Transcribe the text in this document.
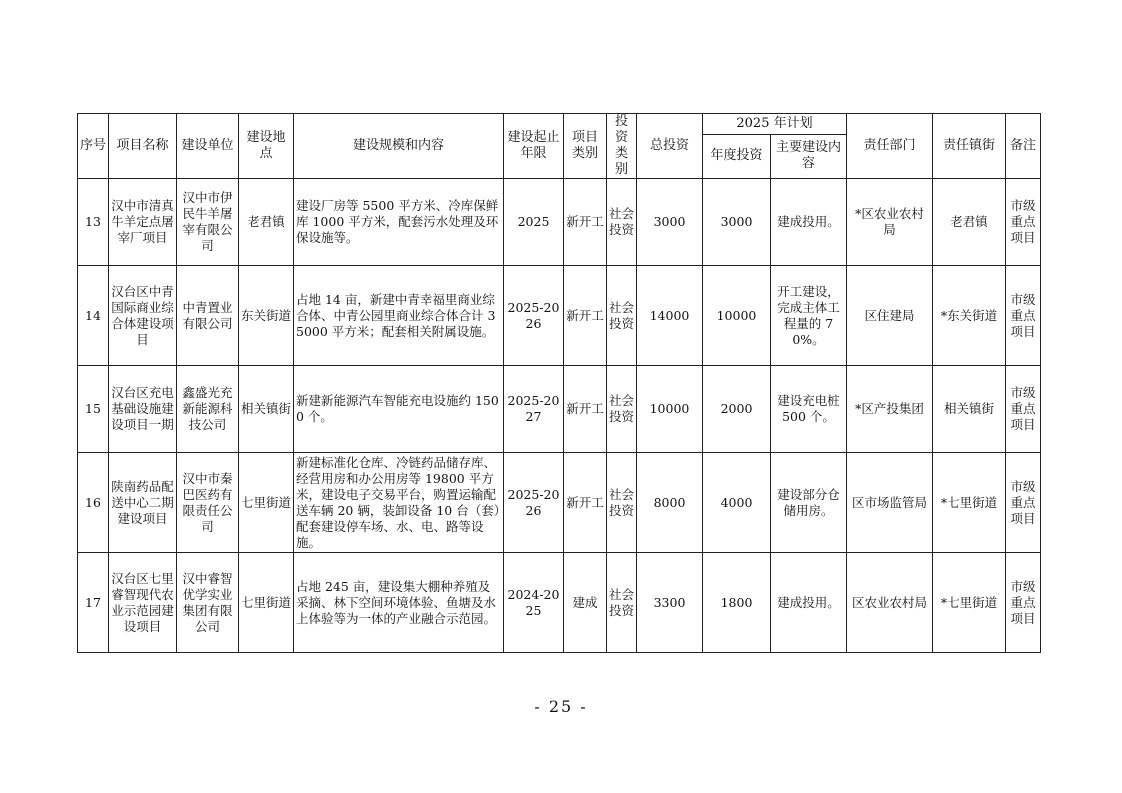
序号	项目名称	建设单位	建设地点	建设规模和内容	建设起止年限	项目类别	投资类别	总投资	2025 年计划		责任部门	责任镇街	备注
									年度投资	主要建设内容			
13	汉中市清真牛羊定点屠宰厂项目	汉中市伊民牛羊屠宰有限公司	老君镇	建设厂房等 5500 平方米、冷库保鲜库 1000 平方米，配套污水处理及环保设施等。	2025	新开工	社会投资	3000	3000	建成投用。	*区农业农村局	老君镇	市级重点项目
14	汉台区中青国际商业综合体建设项目	中青置业有限公司	东关街道	占地 14 亩，新建中青幸福里商业综合体、中青公园里商业综合体合计 35000 平方米；配套相关附属设施。	2025-2026	新开工	社会投资	14000	10000	开工建设，完成主体工程量的 70%。	区住建局	*东关街道	市级重点项目
15	汉台区充电基础设施建设项目一期	鑫盛光充新能源科技公司	相关镇街	新建新能源汽车智能充电设施约 1500 个。	2025-2027	新开工	社会投资	10000	2000	建设充电桩 500 个。	*区产投集团	相关镇街	市级重点项目
16	陕南药品配送中心二期建设项目	汉中市秦巴医药有限责任公司	七里街道	新建标准化仓库、冷链药品储存库、经营用房和办公用房等 19800 平方米，建设电子交易平台，购置运输配送车辆 20 辆，装卸设备 10 台（套）配套建设停车场、水、电、路等设施。	2025-2026	新开工	社会投资	8000	4000	建设部分仓储用房。	区市场监管局	*七里街道	市级重点项目
17	汉台区七里睿智现代农业示范园建设项目	汉中睿智优学实业集团有限公司	七里街道	占地 245 亩，建设集大棚种养殖及采摘、林下空间环境体验、鱼塘及水上体验等为一体的产业融合示范园。	2024-2025	建成	社会投资	3300	1800	建成投用。	区农业农村局	*七里街道	市级重点项目
- 25 -
